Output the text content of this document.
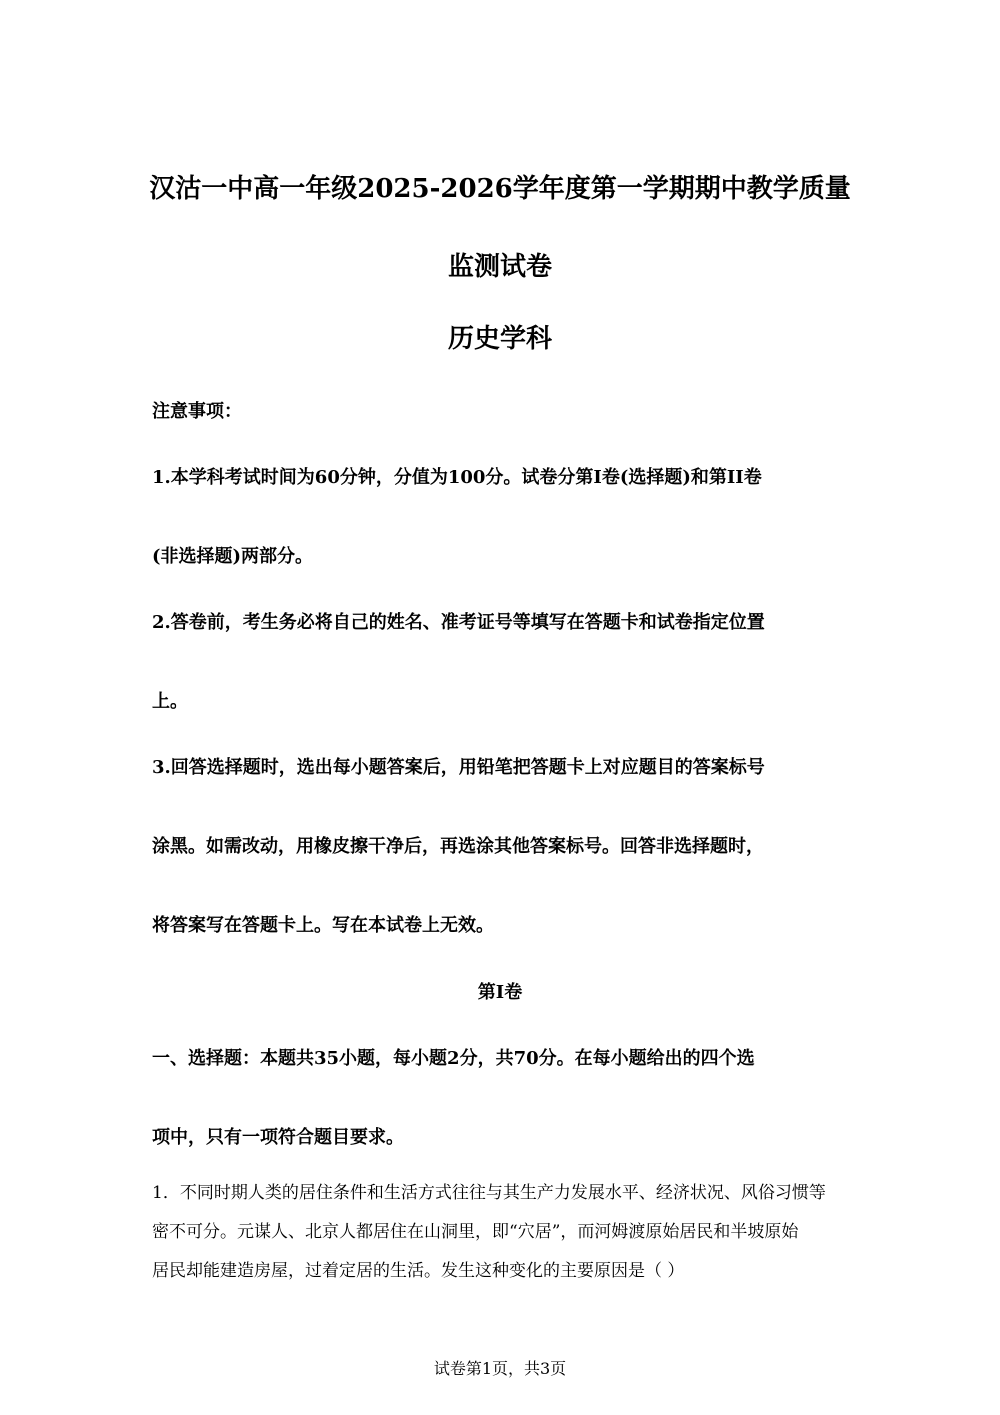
汉沽一中高一年级2025-2026学年度第一学期期中教学质量
监测试卷
历史学科
注意事项：
1.本学科考试时间为60分钟，分值为100分。试卷分第I卷(选择题)和第II卷
(非选择题)两部分。
2.答卷前，考生务必将自己的姓名、准考证号等填写在答题卡和试卷指定位置
上。
3.回答选择题时，选出每小题答案后，用铅笔把答题卡上对应题目的答案标号
涂黑。如需改动，用橡皮擦干净后，再选涂其他答案标号。回答非选择题时，
将答案写在答题卡上。写在本试卷上无效。
第I卷
一、选择题：本题共35小题，每小题2分，共70分。在每小题给出的四个选
项中，只有一项符合题目要求。
1．不同时期人类的居住条件和生活方式往往与其生产力发展水平、经济状况、风俗习惯等
密不可分。元谋人、北京人都居住在山洞里，即“穴居”，而河姆渡原始居民和半坡原始
居民却能建造房屋，过着定居的生活。发生这种变化的主要原因是（ ）
试卷第1页，共3页
